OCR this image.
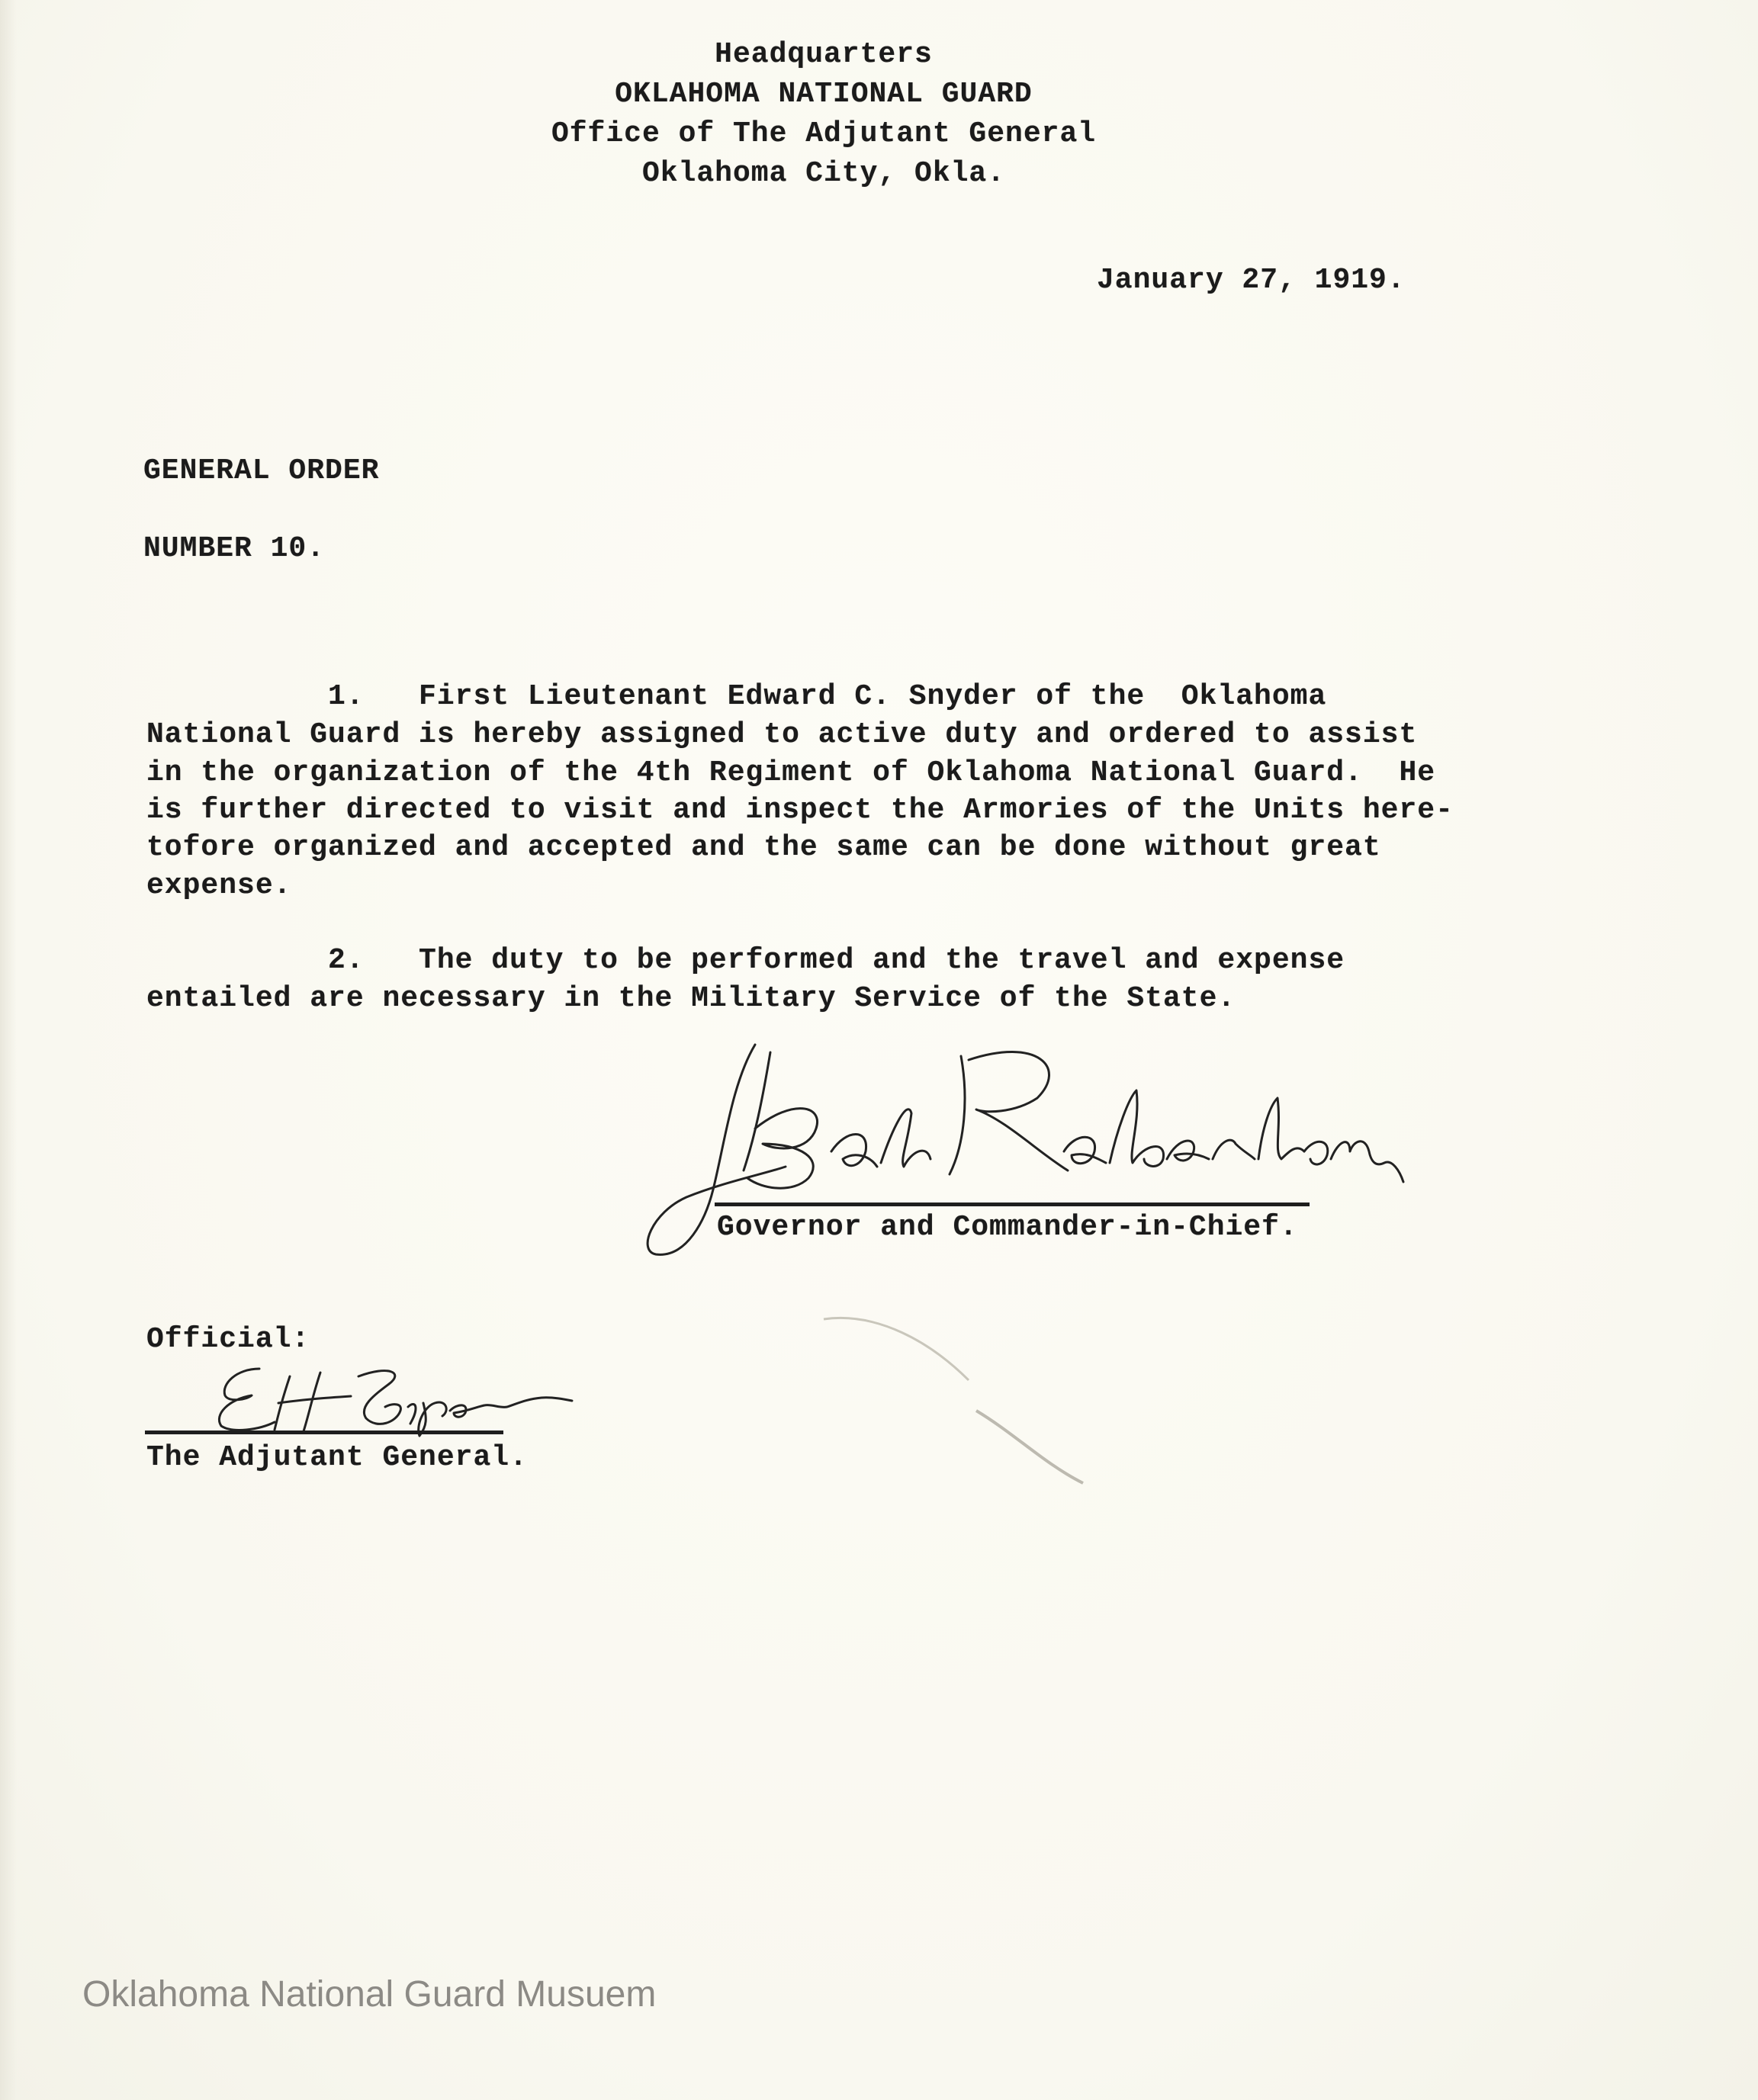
Headquarters
OKLAHOMA NATIONAL GUARD
Office of The Adjutant General
Oklahoma City, Okla.
January 27, 1919.
GENERAL ORDER
NUMBER 10.
1.   First Lieutenant Edward C. Snyder of the  Oklahoma
National Guard is hereby assigned to active duty and ordered to assist
in the organization of the 4th Regiment of Oklahoma National Guard.  He
is further directed to visit and inspect the Armories of the Units here-
tofore organized and accepted and the same can be done without great
expense.
2.   The duty to be performed and the travel and expense
entailed are necessary in the Military Service of the State.
Governor and Commander-in-Chief.
Official:
The Adjutant General.
Oklahoma National Guard Musuem
